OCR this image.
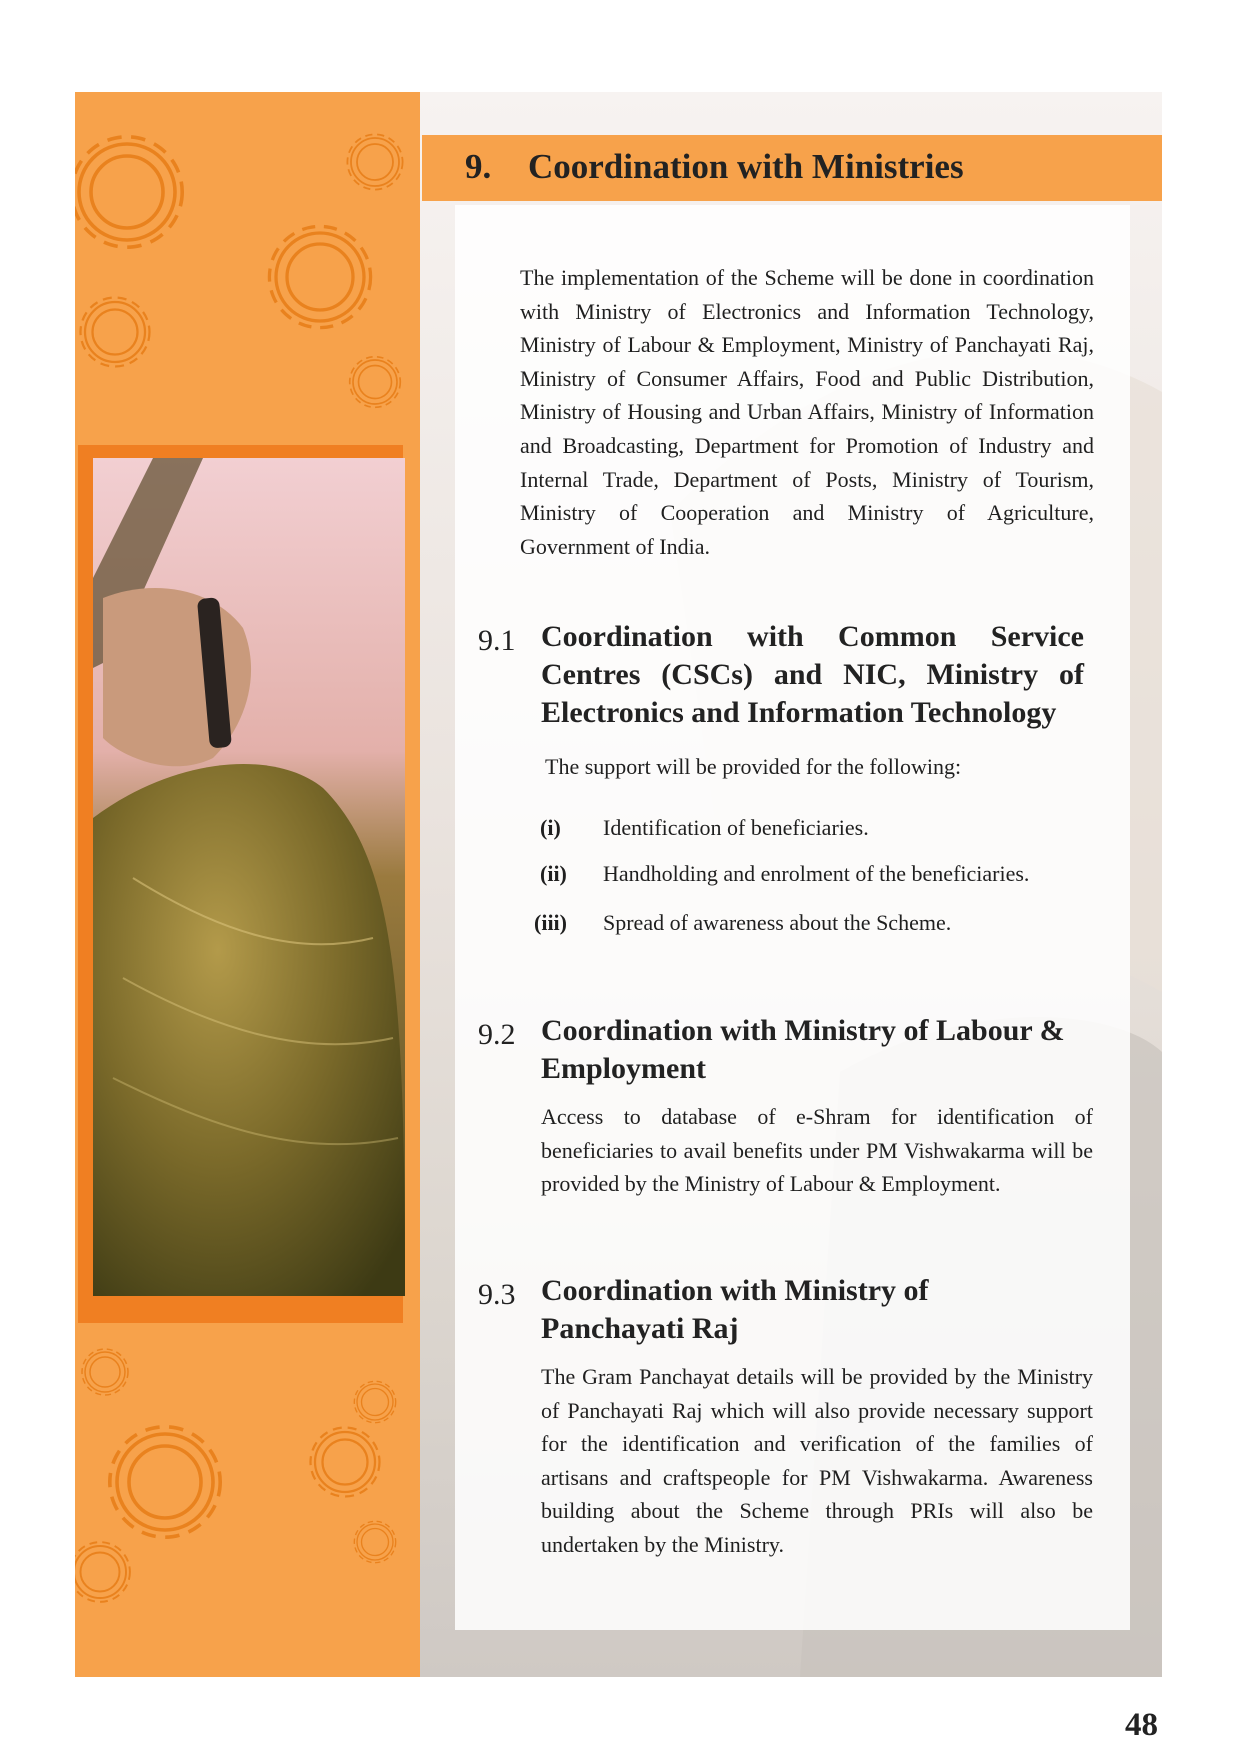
9. Coordination with Ministries
The implementation of the Scheme will be done in coordination with Ministry of Electronics and Information Technology, Ministry of Labour & Employment, Ministry of Panchayati Raj, Ministry of Consumer Affairs, Food and Public Distribution, Ministry of Housing and Urban Affairs, Ministry of Information and Broadcasting, Department for Promotion of Industry and Internal Trade, Department of Posts, Ministry of Tourism, Ministry of Cooperation and Ministry of Agriculture, Government of India.
9.1 Coordination with Common Service Centres (CSCs) and NIC, Ministry of Electronics and Information Technology
The support will be provided for the following:
(i) Identification of beneficiaries.
(ii) Handholding and enrolment of the beneficiaries.
(iii) Spread of awareness about the Scheme.
9.2 Coordination with Ministry of Labour & Employment
Access to database of e-Shram for identification of beneficiaries to avail benefits under PM Vishwakarma will be provided by the Ministry of Labour & Employment.
9.3 Coordination with Ministry of Panchayati Raj
The Gram Panchayat details will be provided by the Ministry of Panchayati Raj which will also provide necessary support for the identification and verification of the families of artisans and craftspeople for PM Vishwakarma. Awareness building about the Scheme through PRIs will also be undertaken by the Ministry.
48
